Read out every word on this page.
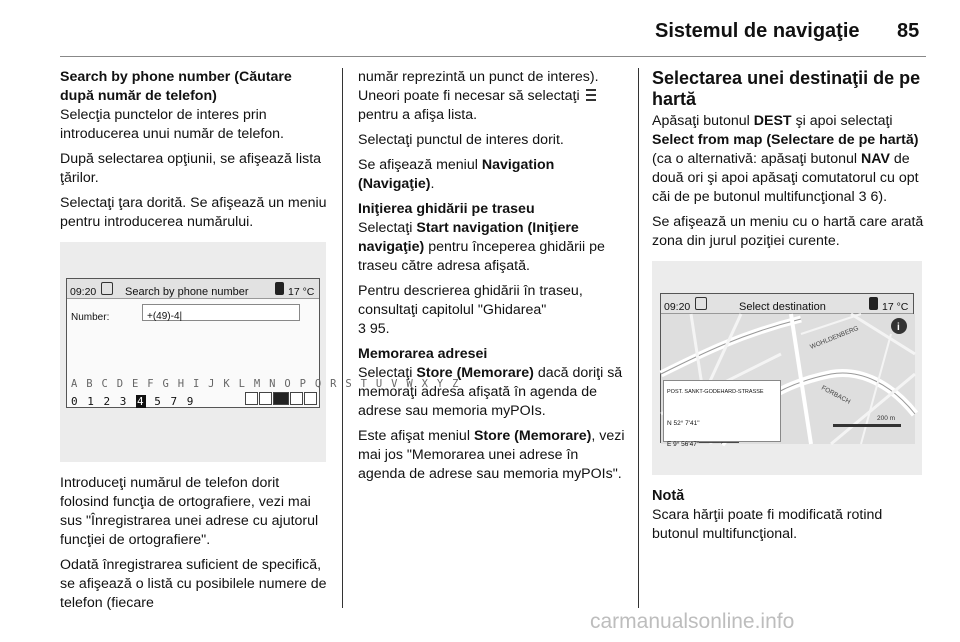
Sistemul de navigaţie 85
Search by phone number (Căutare după număr de telefon)

Selecţia punctelor de interes prin introducerea unui număr de telefon.

După selectarea opţiunii, se afişează lista ţărilor.

Selectaţi ţara dorită. Se afişează un meniu pentru introducerea numărului.

09:20	Search by phone number	17 °C
Number:	+(49)-4|
A B C D E F G H I J K L M N O P Q R S T U V W X Y Z
0 1 2 3 4 5 7 9

Introduceţi numărul de telefon dorit folosind funcţia de ortografiere, vezi mai sus "Înregistrarea unei adrese cu ajutorul funcţiei de ortografiere".

Odată înregistrarea suficient de specifică, se afişează o listă cu posibilele numere de telefon (fiecare

număr reprezintă un punct de interes). Uneori poate fi necesar să selectaţi  pentru a afişa lista.

Selectaţi punctul de interes dorit.

Se afişează meniul Navigation (Navigaţie).

Iniţierea ghidării pe traseu

Selectaţi Start navigation (Iniţiere navigaţie) pentru începerea ghidării pe traseu către adresa afişată.

Pentru descrierea ghidării în traseu, consultaţi capitolul "Ghidarea"
3 95.

Memorarea adresei

Selectaţi Store (Memorare) dacă doriţi să memoraţi adresa afişată în agenda de adrese sau memoria myPOIs.

Este afişat meniul Store (Memorare), vezi mai jos "Memorarea unei adrese în agenda de adrese sau memoria myPOIs".

Selectarea unei destinaţii de pe hartă

Apăsaţi butonul DEST şi apoi selectaţi Select from map (Selectare de pe hartă) (ca o alternativă: apăsaţi butonul NAV de două ori şi apoi apăsaţi comutatorul cu opt căi de pe butonul multifuncţional 3 6).

Se afişează un meniu cu o hartă care arată zona din jurul poziţiei curente.

09:20	Select destination	17 °C
WOHLDENBERG
FORBACH
i
200 m
POST. SANKT-GODEHARD-STRASSE
N 52° 7'41"
E 9° 56'47"
Notă

Scara hărţii poate fi modificată rotind butonul multifuncţional.

carmanualsonline.info
